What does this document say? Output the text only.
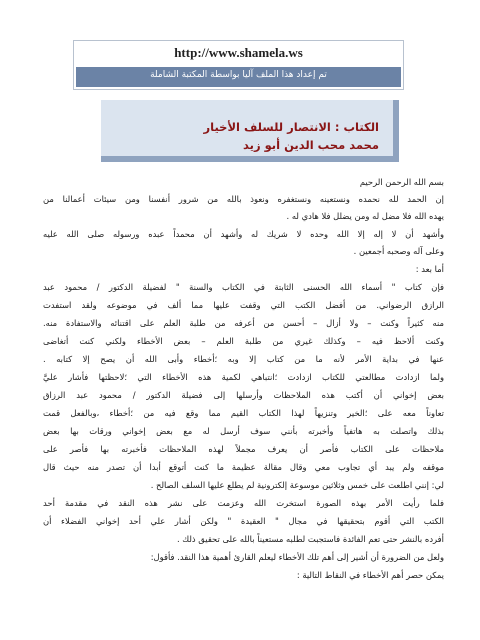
http://www.shamela.ws
تم إعداد هذا الملف آليا بواسطة المكتبة الشاملة
الكتاب : الانتصار للسلف الأخيار
محمد محب الدين أبو زيد
بسم الله الرحمن الرحيم
إن الحمد لله نحمده ونستعينه ونستغفره ونعوذ بالله من شرور أنفسنا ومن سيئات أعمالنا من
يهده الله فلا مضل له ومن يضلل فلا هادي له .
وأشهد أن لا إله إلا الله وحده لا شريك له وأشهد أن محمداً عبده ورسوله صلى الله عليه
وعلى آله وصحبه أجمعين .
أما بعد :
فإن كتاب " أسماء الله الحسنى الثابتة في الكتاب والسنة " لفضيلة الدكتور / محمود عبد
الرازق الرضواني. من أفضل الكتب التي وقفت عليها مما ألف في موضوعه ولقد استفدت
منه كثيراً وكنت – ولا أزال – أحسن من أعرفه من طلبة العلم على اقتنائه والاستفادة منه.
وكنت ألاحظ فيه – وكذلك غيري من طلبة العلم – بعض الأخطاء ولكني كنت أتغاضى
عنها في بداية الأمر لأنه ما من كتاب إلا وبه ؛أخطاء وأبى الله أن يصح إلا كتابه .
ولما ازدادت مطالعتي للكتاب ازدادت ؛انتباهي لكمية هذه الأخطاء التي ؛لاحظتها فأشار عليَّ
بعض إخواني أن أكتب هذه الملاحظات وأرسلها إلى فضيلة الدكتور / محمود عبد الرزاق
تعاوناً معه على ؛الخير وتنزيهاً لهذا الكتاب القيم مما وقع فيه من ؛أخطاء ،وبالفعل قمت
بذلك واتصلت به هاتفياً وأخبرته بأنني سوف أرسل له مع بعض إخواني ورقات بها بعض
ملاحظات على الكتاب فأصر أن يعرف مجملاً لهذه الملاحظات فأخبرته بها فأصر على
موقفه ولم يبد أي تجاوب معي وقال مقالة عظيمة ما كنت أتوقع أبدا أن تصدر منه حيث قال
لي: إنني اطلعت على خمس وثلاثين موسوعة إلكترونية لم يطلع عليها السلف الصالح .
فلما رأيت الأمر بهذه الصورة استخرت الله وعزمت على نشر هذه النقد في مقدمة أحد
الكتب التي أقوم بتحقيقها في مجال " العقيدة " ولكن أشار علي أحد إخواني الفضلاء أن
أفرده بالنشر حتى تعم الفائدة فاستجبت لطلبه مستعيناً بالله على تحقيق ذلك .
ولعل من الضرورة أن أشير إلى أهم تلك الأخطاء ليعلم القارئ أهمية هذا النقد. فأقول:
يمكن حصر أهم الأخطاء في النقاط التالية :
